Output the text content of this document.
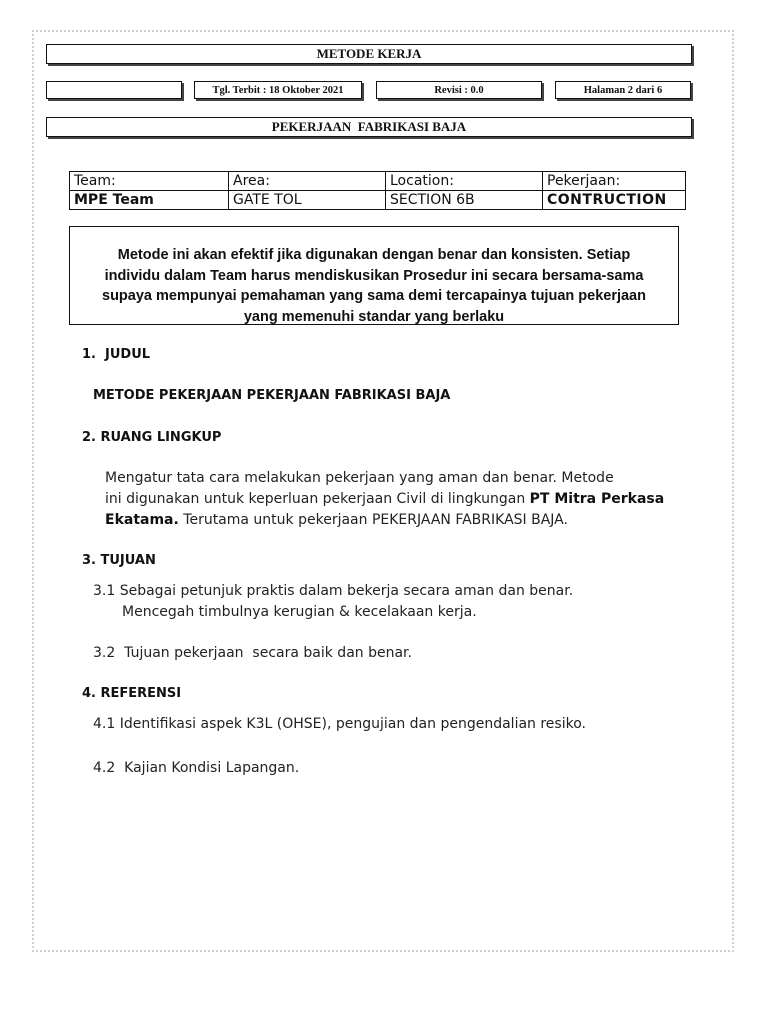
METODE KERJA
Tgl. Terbit : 18 Oktober 2021	Revisi : 0.0	Halaman 2 dari 6
PEKERJAAN  FABRIKASI BAJA
Team:	Area:	Location:	Pekerjaan:
MPE Team	GATE TOL	SECTION 6B	CONTRUCTION
Metode ini akan efektif jika digunakan dengan benar dan konsisten. Setiap
individu dalam Team harus mendiskusikan Prosedur ini secara bersama-sama
supaya mempunyai pemahaman yang sama demi tercapainya tujuan pekerjaan
yang memenuhi standar yang berlaku
1.  JUDUL
METODE PEKERJAAN PEKERJAAN FABRIKASI BAJA
2. RUANG LINGKUP
Mengatur tata cara melakukan pekerjaan yang aman dan benar. Metode
ini digunakan untuk keperluan pekerjaan Civil di lingkungan PT Mitra Perkasa
Ekatama. Terutama untuk pekerjaan PEKERJAAN FABRIKASI BAJA.
3. TUJUAN
3.1 Sebagai petunjuk praktis dalam bekerja secara aman dan benar.
Mencegah timbulnya kerugian & kecelakaan kerja.
3.2  Tujuan pekerjaan  secara baik dan benar.
4. REFERENSI
4.1 Identifikasi aspek K3L (OHSE), pengujian dan pengendalian resiko.
4.2  Kajian Kondisi Lapangan.
